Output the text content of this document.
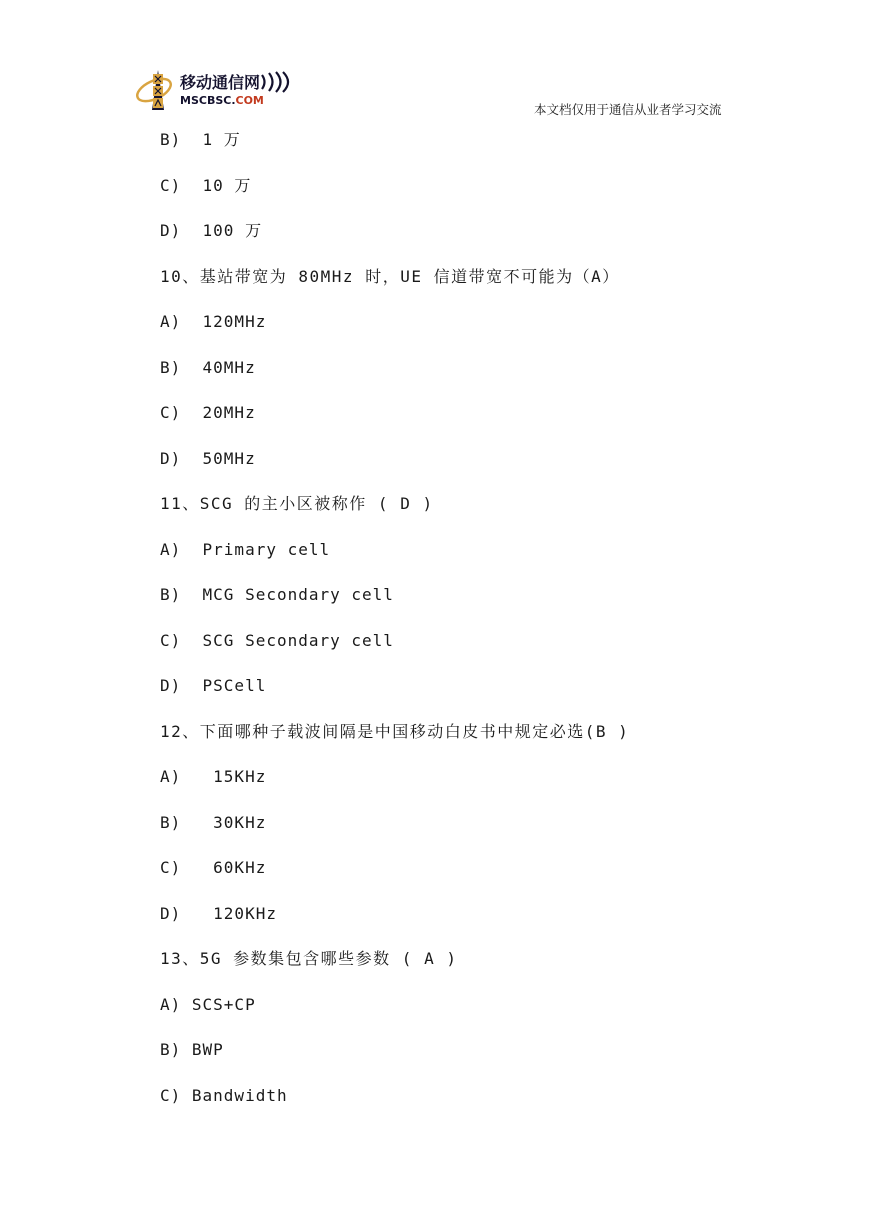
移动通信网
MSCBSC.COM
本文档仅用于通信从业者学习交流
B)  1 万
C)  10 万
D)  100 万
10、基站带宽为 80MHz 时，UE 信道带宽不可能为（A）
A)  120MHz
B)  40MHz
C)  20MHz
D)  50MHz
11、SCG 的主小区被称作 ( D )
A)  Primary cell
B)  MCG Secondary cell
C)  SCG Secondary cell
D)  PSCell
12、下面哪种子载波间隔是中国移动白皮书中规定必选(B )
A)   15KHz
B)   30KHz
C)   60KHz
D)   120KHz
13、5G 参数集包含哪些参数 ( A )
A) SCS+CP
B) BWP
C) Bandwidth
